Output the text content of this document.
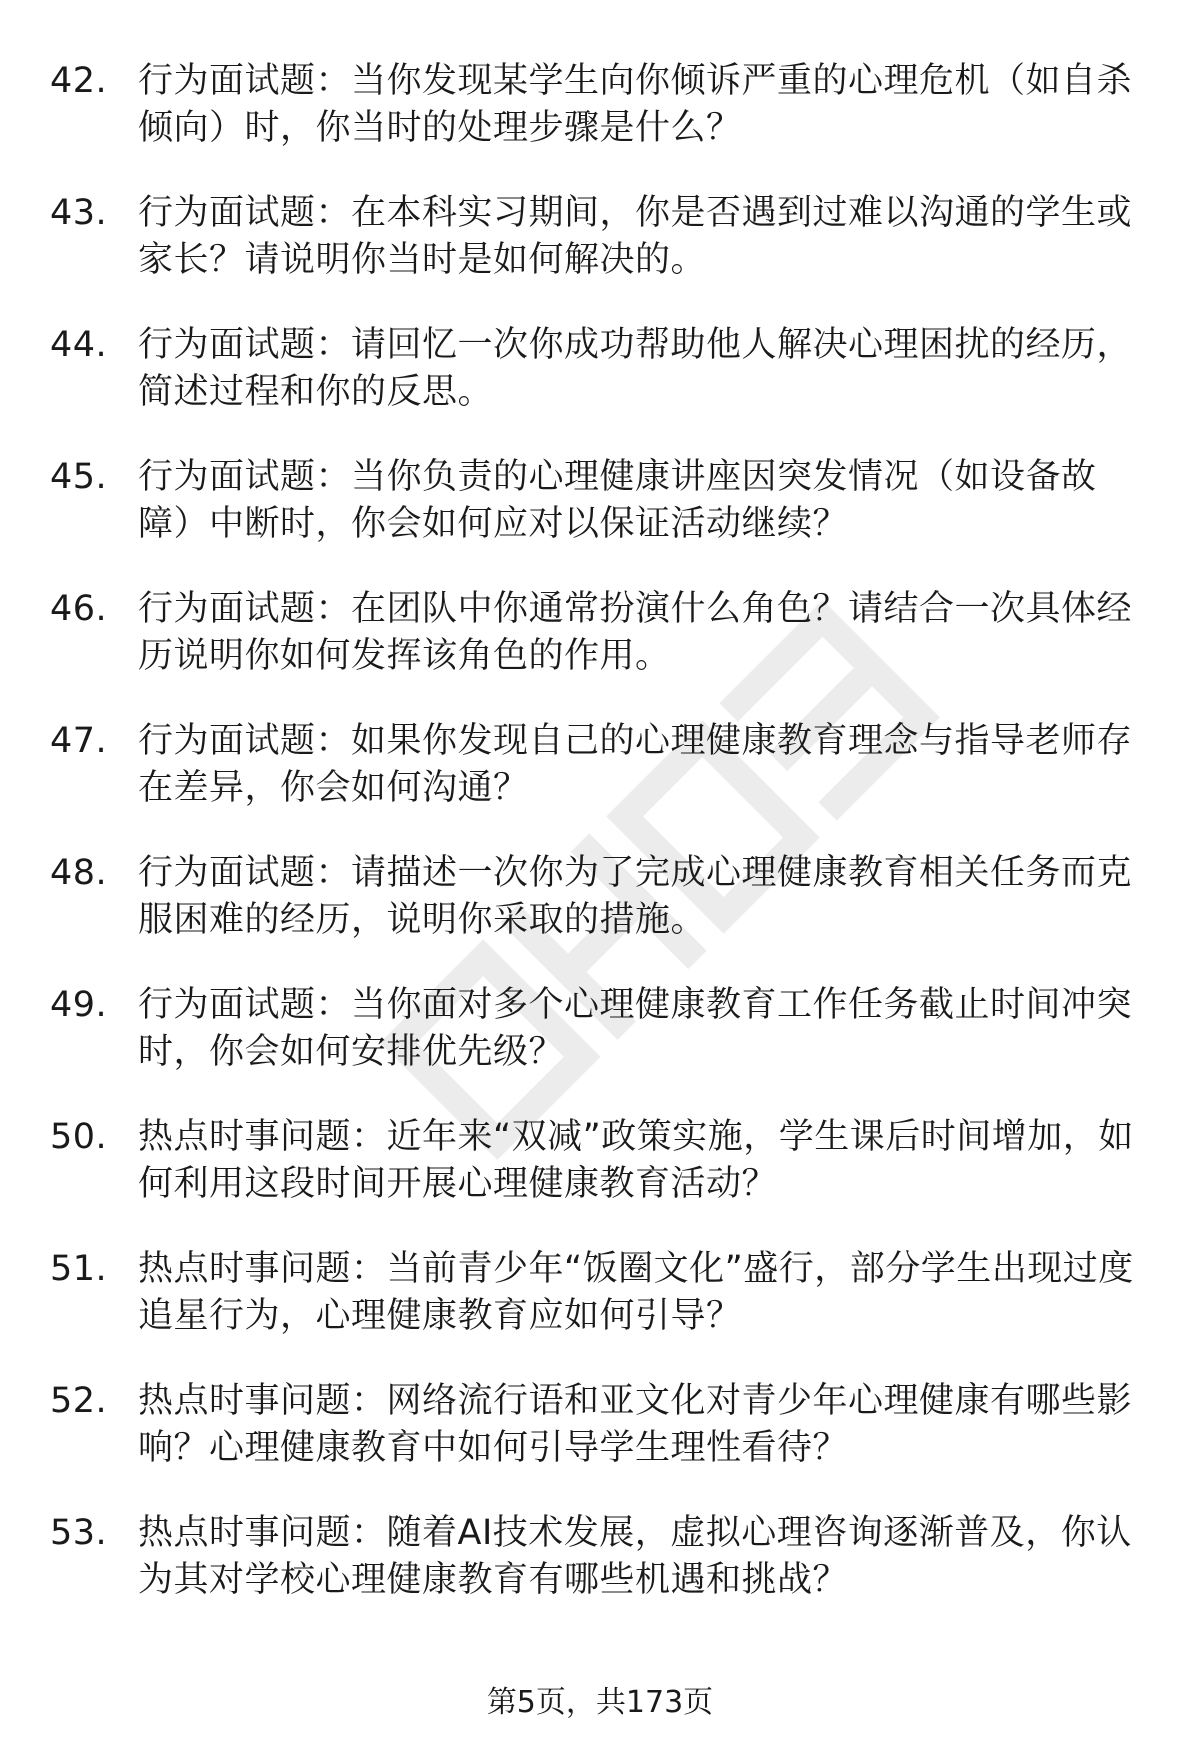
42. 行为面试题：当你发现某学生向你倾诉严重的心理危机（如自杀倾向）时，你当时的处理步骤是什么？
43. 行为面试题：在本科实习期间，你是否遇到过难以沟通的学生或家长？请说明你当时是如何解决的。
44. 行为面试题：请回忆一次你成功帮助他人解决心理困扰的经历，简述过程和你的反思。
45. 行为面试题：当你负责的心理健康讲座因突发情况（如设备故障）中断时，你会如何应对以保证活动继续？
46. 行为面试题：在团队中你通常扮演什么角色？请结合一次具体经历说明你如何发挥该角色的作用。
47. 行为面试题：如果你发现自己的心理健康教育理念与指导老师存在差异，你会如何沟通？
48. 行为面试题：请描述一次你为了完成心理健康教育相关任务而克服困难的经历，说明你采取的措施。
49. 行为面试题：当你面对多个心理健康教育工作任务截止时间冲突时，你会如何安排优先级？
50. 热点时事问题：近年来“双减”政策实施，学生课后时间增加，如何利用这段时间开展心理健康教育活动？
51. 热点时事问题：当前青少年“饭圈文化”盛行，部分学生出现过度追星行为，心理健康教育应如何引导？
52. 热点时事问题：网络流行语和亚文化对青少年心理健康有哪些影响？心理健康教育中如何引导学生理性看待？
53. 热点时事问题：随着AI技术发展，虚拟心理咨询逐渐普及，你认为其对学校心理健康教育有哪些机遇和挑战？
第5页，共173页
